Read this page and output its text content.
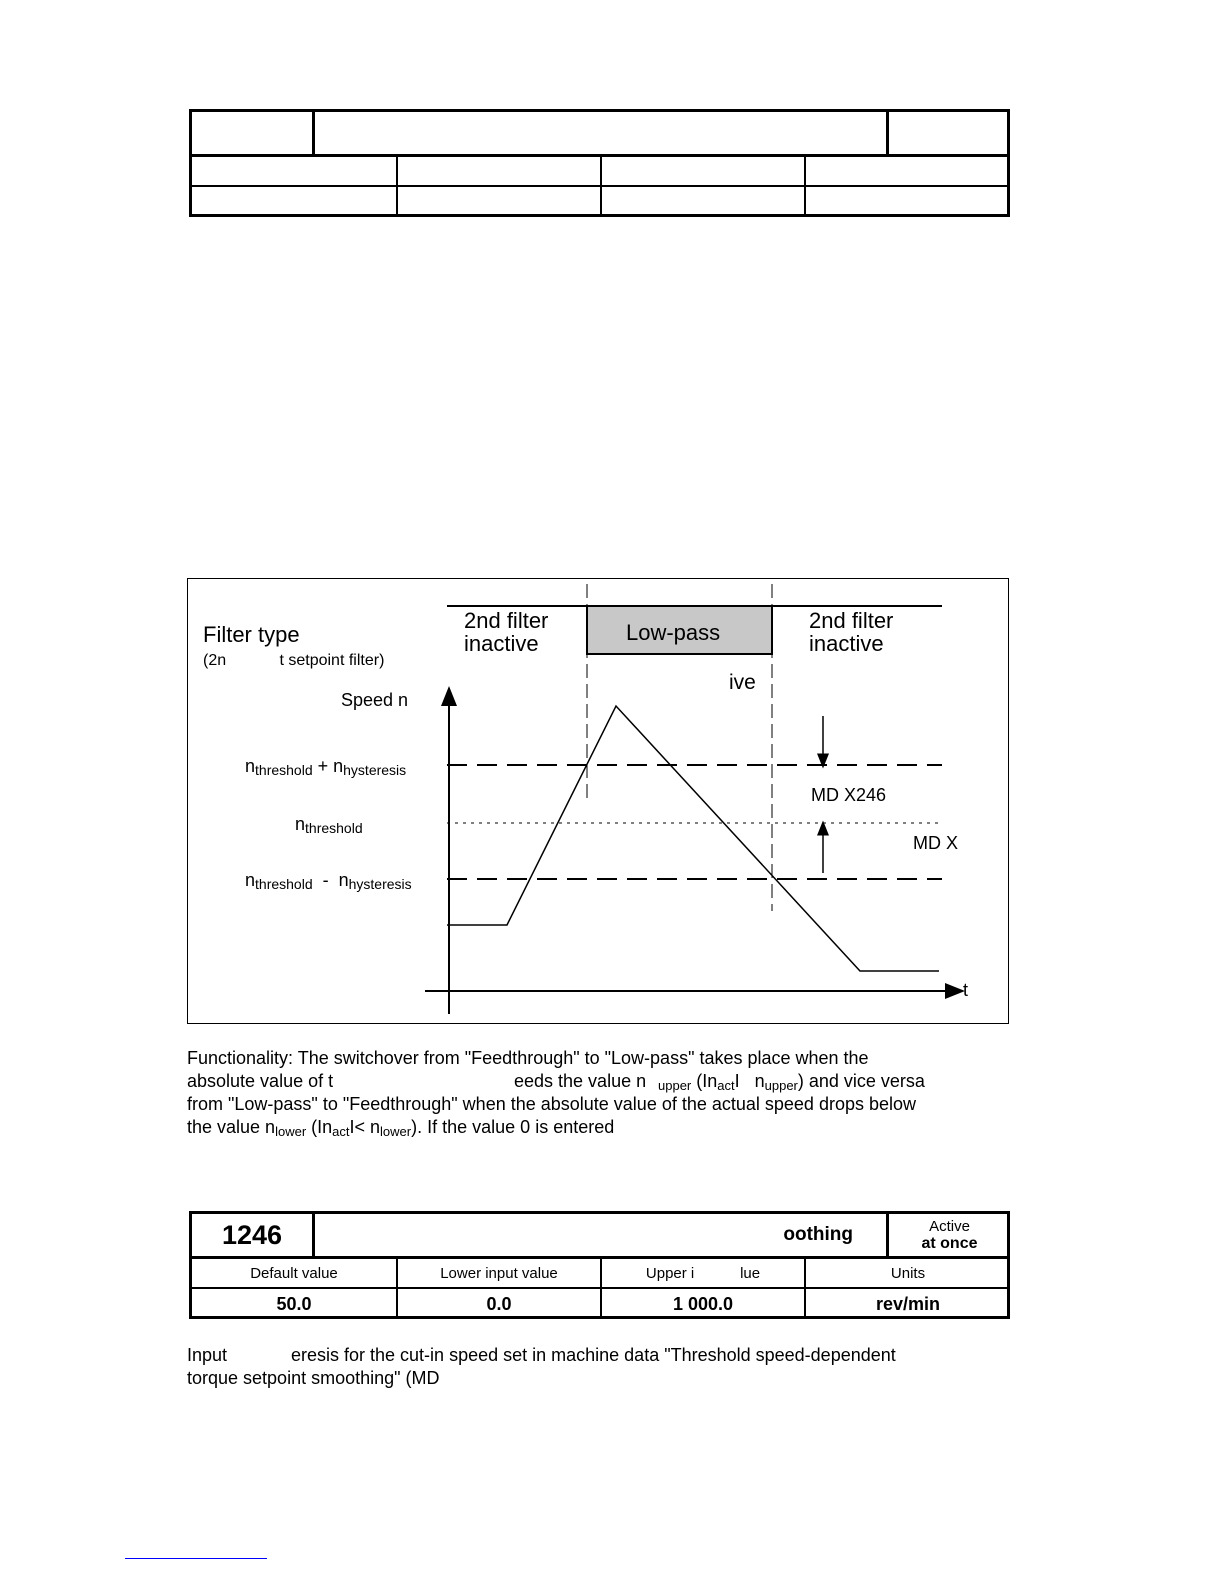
2nd filter
inactive	Low-pass	2nd filter
inactive
ive
Filter type
(2n            t setpoint filter)
Speed n
t
nthreshold + nhysteresis
nthreshold
nthreshold - nhysteresis
MD X246
MD X
Functionality: The switchover from "Feedthrough" to "Low-pass" takes place when the
absolute value of t	eeds the value n $_{upper}$ ($In_{act}I$   $n_{upper}$) and vice versa
from "Low-pass" to "Feedthrough" when the absolute value of the actual speed drops below
the value $n_{lower}$ $(In_{act}I< n_{lower})$. If the value 0 is entered
1246	oothing	Active
at once
Default value	Lower input value	Upper i           lue	Units
50.0	0.0	1 000.0	rev/min
Input	eresis for the cut-in speed set in machine data "Threshold speed-dependent
torque setpoint smoothing" (MD
